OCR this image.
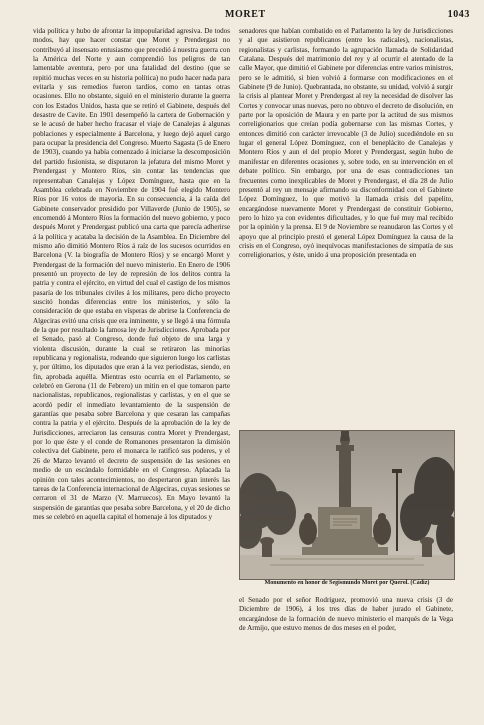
MORET	1043

vida política y hubo de afrontar la impopularidad agresiva. De todos modos, hay que hacer constar que Moret y Prendergast no contribuyó al insensato entusiasmo que precedió á nuestra guerra con la América del Norte y aun comprendió los peligros de tan lamentable aventura, pero por una fatalidad del destino (que se repitió muchas veces en su historia política) no pudo hacer nada para evitarla y sus remedios fueron tardíos, como en tantas otras ocasiones. Ello no obstante, siguió en el ministerio durante la guerra con los Estados Unidos, hasta que se retiró el Gabinete, después del desastre de Cavite. En 1901 desempeñó la cartera de Gobernación y se le acusó de haber hecho fracasar el viaje de Canalejas á algunas poblaciones y especialmente á Barcelona, y luego dejó aquel cargo para ocupar la presidencia del Congreso. Muerto Sagasta (5 de Enero de 1903), cuando ya había comenzado á iniciarse la descomposición del partido fusionista, se disputaron la jefatura del mismo Moret y Prendergast y Montero Ríos, sin contar las tendencias que representaban Canalejas y López Domínguez, hasta que en la Asamblea celebrada en Noviembre de 1904 fué elegido Montero Ríos por 16 votos de mayoría. En su consecuencia, á la caída del Gabinete conservador presidido por Villaverde (Junio de 1905), se encomendó á Montero Ríos la formación del nuevo gobierno, y poco después Moret y Prendergast publicó una carta que parecía adherirse á la política y acataba la decisión de la Asamblea. En Diciembre del mismo año dimitió Montero Ríos á raíz de los sucesos ocurridos en Barcelona (V. la biografía de Montero Ríos) y se encargó Moret y Prendergast de la formación del nuevo ministerio. En Enero de 1906 presentó un proyecto de ley de represión de los delitos contra la patria y contra el ejército, en virtud del cual el castigo de los mismos pasaría de los tribunales civiles á los militares, pero dicho proyecto suscitó hondas diferencias entre los ministerios, y sólo la consideración de que estaba en vísperas de abrirse la Conferencia de Algeciras evitó una crisis que era inminente, y se llegó á una fórmula de la que por resultado la famosa ley de Jurisdicciones. Aprobada por el Senado, pasó al Congreso, donde fué objeto de una larga y violenta discusión, durante la cual se retiraron las minorías republicana y regionalista, rodeando que siguieron luego los carlistas y, por último, los diputados que eran á la vez periodistas, siendo, en fin, aprobada aquélla. Mientras esto ocurría en el Parlamento, se celebró en Gerona (11 de Febrero) un mitin en el que tomaron parte nacionalistas, republicanos, regionalistas y carlistas, y en el que se acordó pedir el inmediato levantamiento de la suspensión de garantías que pesaba sobre Barcelona y que cesaran las campañas contra la patria y el ejército. Después de la aprobación de la ley de Jurisdicciones, arreciaron las censuras contra Moret y Prendergast, por lo que éste y el conde de Romanones presentaron la dimisión colectiva del Gabinete, pero el monarca le ratificó sus poderes, y el 26 de Marzo levantó el decreto de suspensión de las sesiones en medio de un escándalo formidable en el Congreso. Aplacada la opinión con tales acontecimientos, no despertaron gran interés las tareas de la Conferencia internacional de Algeciras, cuyas sesiones se cerraron el 31 de Marzo (V. Marruecos). En Mayo levantó la suspensión de garantías que pesaba sobre Barcelona, y el 20 de dicho mes se celebró en aquella capital el homenaje á los diputados y

senadores que habían combatido en el Parlamento la ley de Jurisdicciones y al que asistieron republicanos (entre los radicales), nacionalistas, regionalistas y carlistas, formando la agrupación llamada de Solidaridad Catalana. Después del matrimonio del rey y al ocurrir el atentado de la calle Mayor, que dimitió el Gabinete por diferencias entre varios ministros, pero se le admitió, si bien volvió á formarse con modificaciones en el Gabinete (9 de Junio). Quebrantada, no obstante, su unidad, volvió á surgir la crisis al plantear Moret y Prendergast al rey la necesidad de disolver las Cortes y convocar unas nuevas, pero no obtuvo el decreto de disolución, en parte por la oposición de Maura y en parte por la actitud de sus mismos correligionarios que creían podía gobernarse con las mismas Cortes, y entonces dimitió con carácter irrevocable (3 de Julio) sucediéndole en su lugar el general López Domínguez, con el beneplácito de Canalejas y Montero Ríos y aun el del propio Moret y Prendergast, según hubo de manifestar en diferentes ocasiones y, sobre todo, en su intervención en el debate político. Sin embargo, por una de esas contradicciones tan frecuentes como inexplicables de Moret y Prendergast, el día 28 de Julio presentó al rey un mensaje afirmando su disconformidad con el Gabinete López Domínguez, lo que motivó la llamada crisis del papelito, encargándose nuevamente Moret y Prendergast de constituir Gobierno, pero lo hizo ya con evidentes dificultades, y lo que fué muy mal recibido por la opinión y la prensa. El 9 de Noviembre se reanudaron las Cortes y el apoyo que al principio prestó el general López Domínguez la causa de la crisis en el Congreso, oyó inequívocas manifestaciones de simpatía de sus correligionarios, y éste, unido á una proposición presentada en

Monumento en honor de Segismundo Moret por Querol. (Cádiz)

el Senado por el señor Rodríguez, promovió una nueva crisis (3 de Diciembre de 1906), á los tres días de haber jurado el Gabinete, encargándose de la formación de nuevo ministerio el marqués de la Vega de Armijo, que estuvo menos de dos meses en el poder,
